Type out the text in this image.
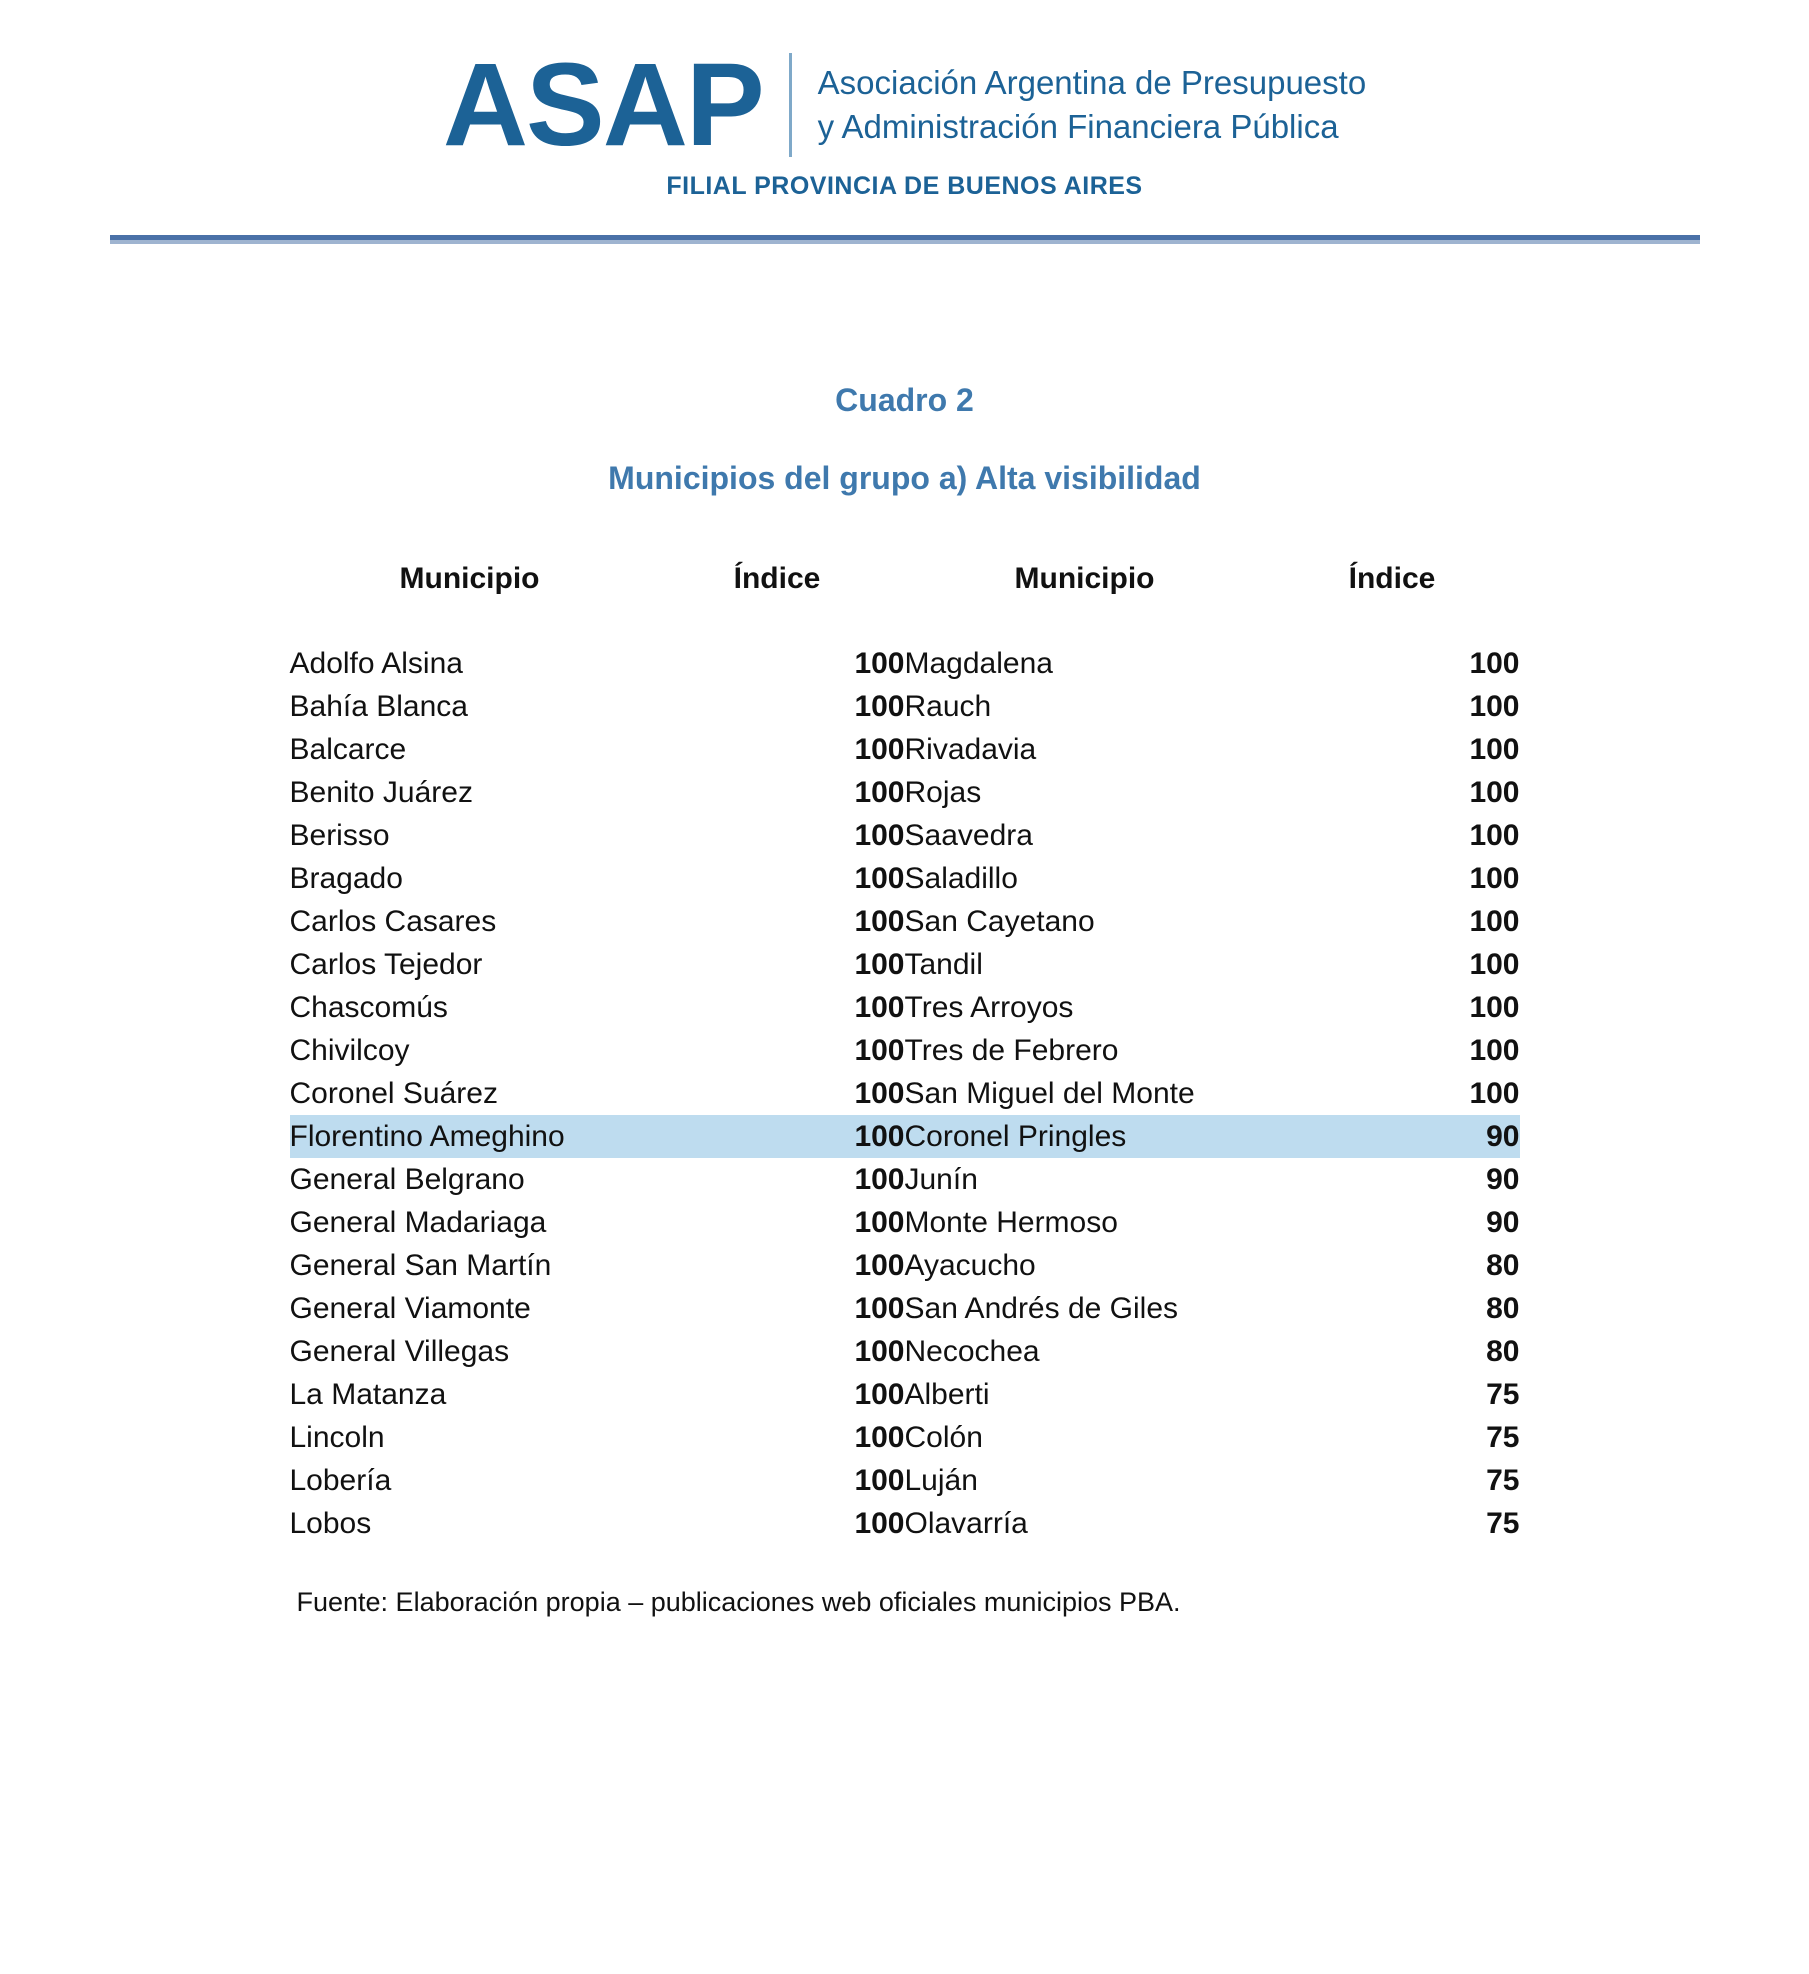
ASAP	Asociación Argentina de Presupuesto
y Administración Financiera Pública
FILIAL PROVINCIA DE BUENOS AIRES
Cuadro 2
Municipios del grupo a) Alta visibilidad
Municipio	Índice	Municipio	Índice
Adolfo Alsina	100	Magdalena	100
Bahía Blanca	100	Rauch	100
Balcarce	100	Rivadavia	100
Benito Juárez	100	Rojas	100
Berisso	100	Saavedra	100
Bragado	100	Saladillo	100
Carlos Casares	100	San Cayetano	100
Carlos Tejedor	100	Tandil	100
Chascomús	100	Tres Arroyos	100
Chivilcoy	100	Tres de Febrero	100
Coronel Suárez	100	San Miguel del Monte	100
Florentino Ameghino	100	Coronel Pringles	90
General Belgrano	100	Junín	90
General Madariaga	100	Monte Hermoso	90
General San Martín	100	Ayacucho	80
General Viamonte	100	San Andrés de Giles	80
General Villegas	100	Necochea	80
La Matanza	100	Alberti	75
Lincoln	100	Colón	75
Lobería	100	Luján	75
Lobos	100	Olavarría	75
Fuente: Elaboración propia – publicaciones web oficiales municipios PBA.
